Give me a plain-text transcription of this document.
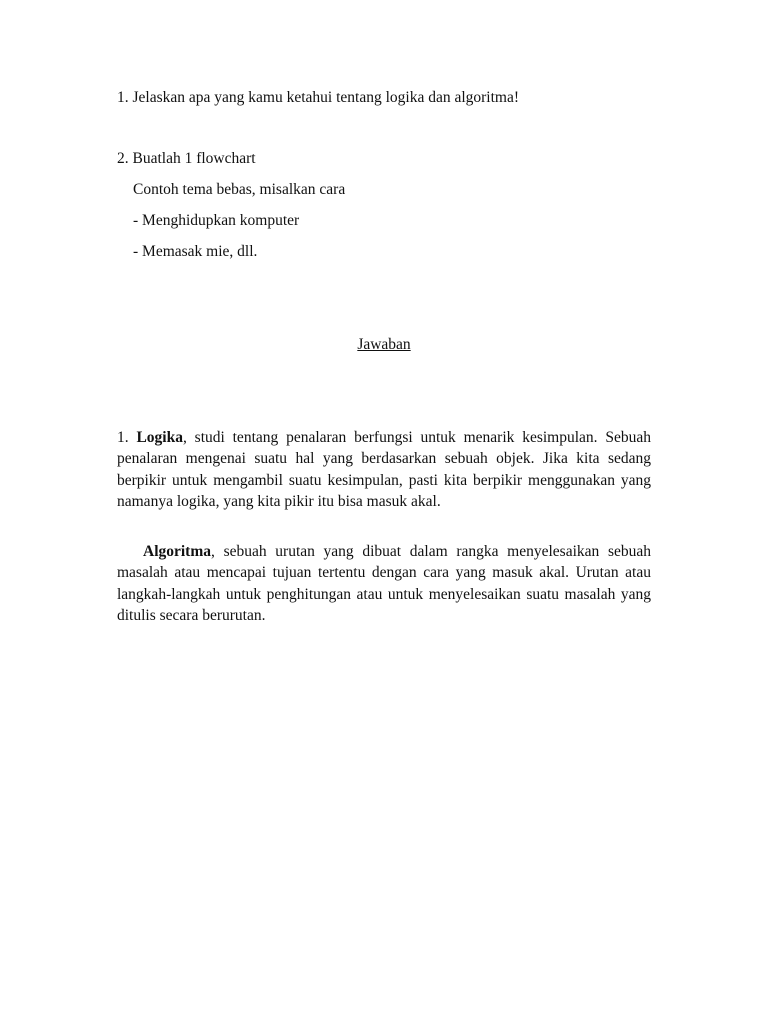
1. Jelaskan apa yang kamu ketahui tentang logika dan algoritma!
2. Buatlah 1 flowchart
Contoh tema bebas, misalkan cara
- Menghidupkan komputer
- Memasak mie, dll.
Jawaban

1. Logika, studi tentang penalaran berfungsi untuk menarik kesimpulan. Sebuah penalaran mengenai suatu hal yang berdasarkan sebuah objek. Jika kita sedang berpikir untuk mengambil suatu kesimpulan, pasti kita berpikir menggunakan yang namanya logika, yang kita pikir itu bisa masuk akal.

Algoritma, sebuah urutan yang dibuat dalam rangka menyelesaikan sebuah masalah atau mencapai tujuan tertentu dengan cara yang masuk akal. Urutan atau langkah-langkah untuk penghitungan atau untuk menyelesaikan suatu masalah yang ditulis secara berurutan.
